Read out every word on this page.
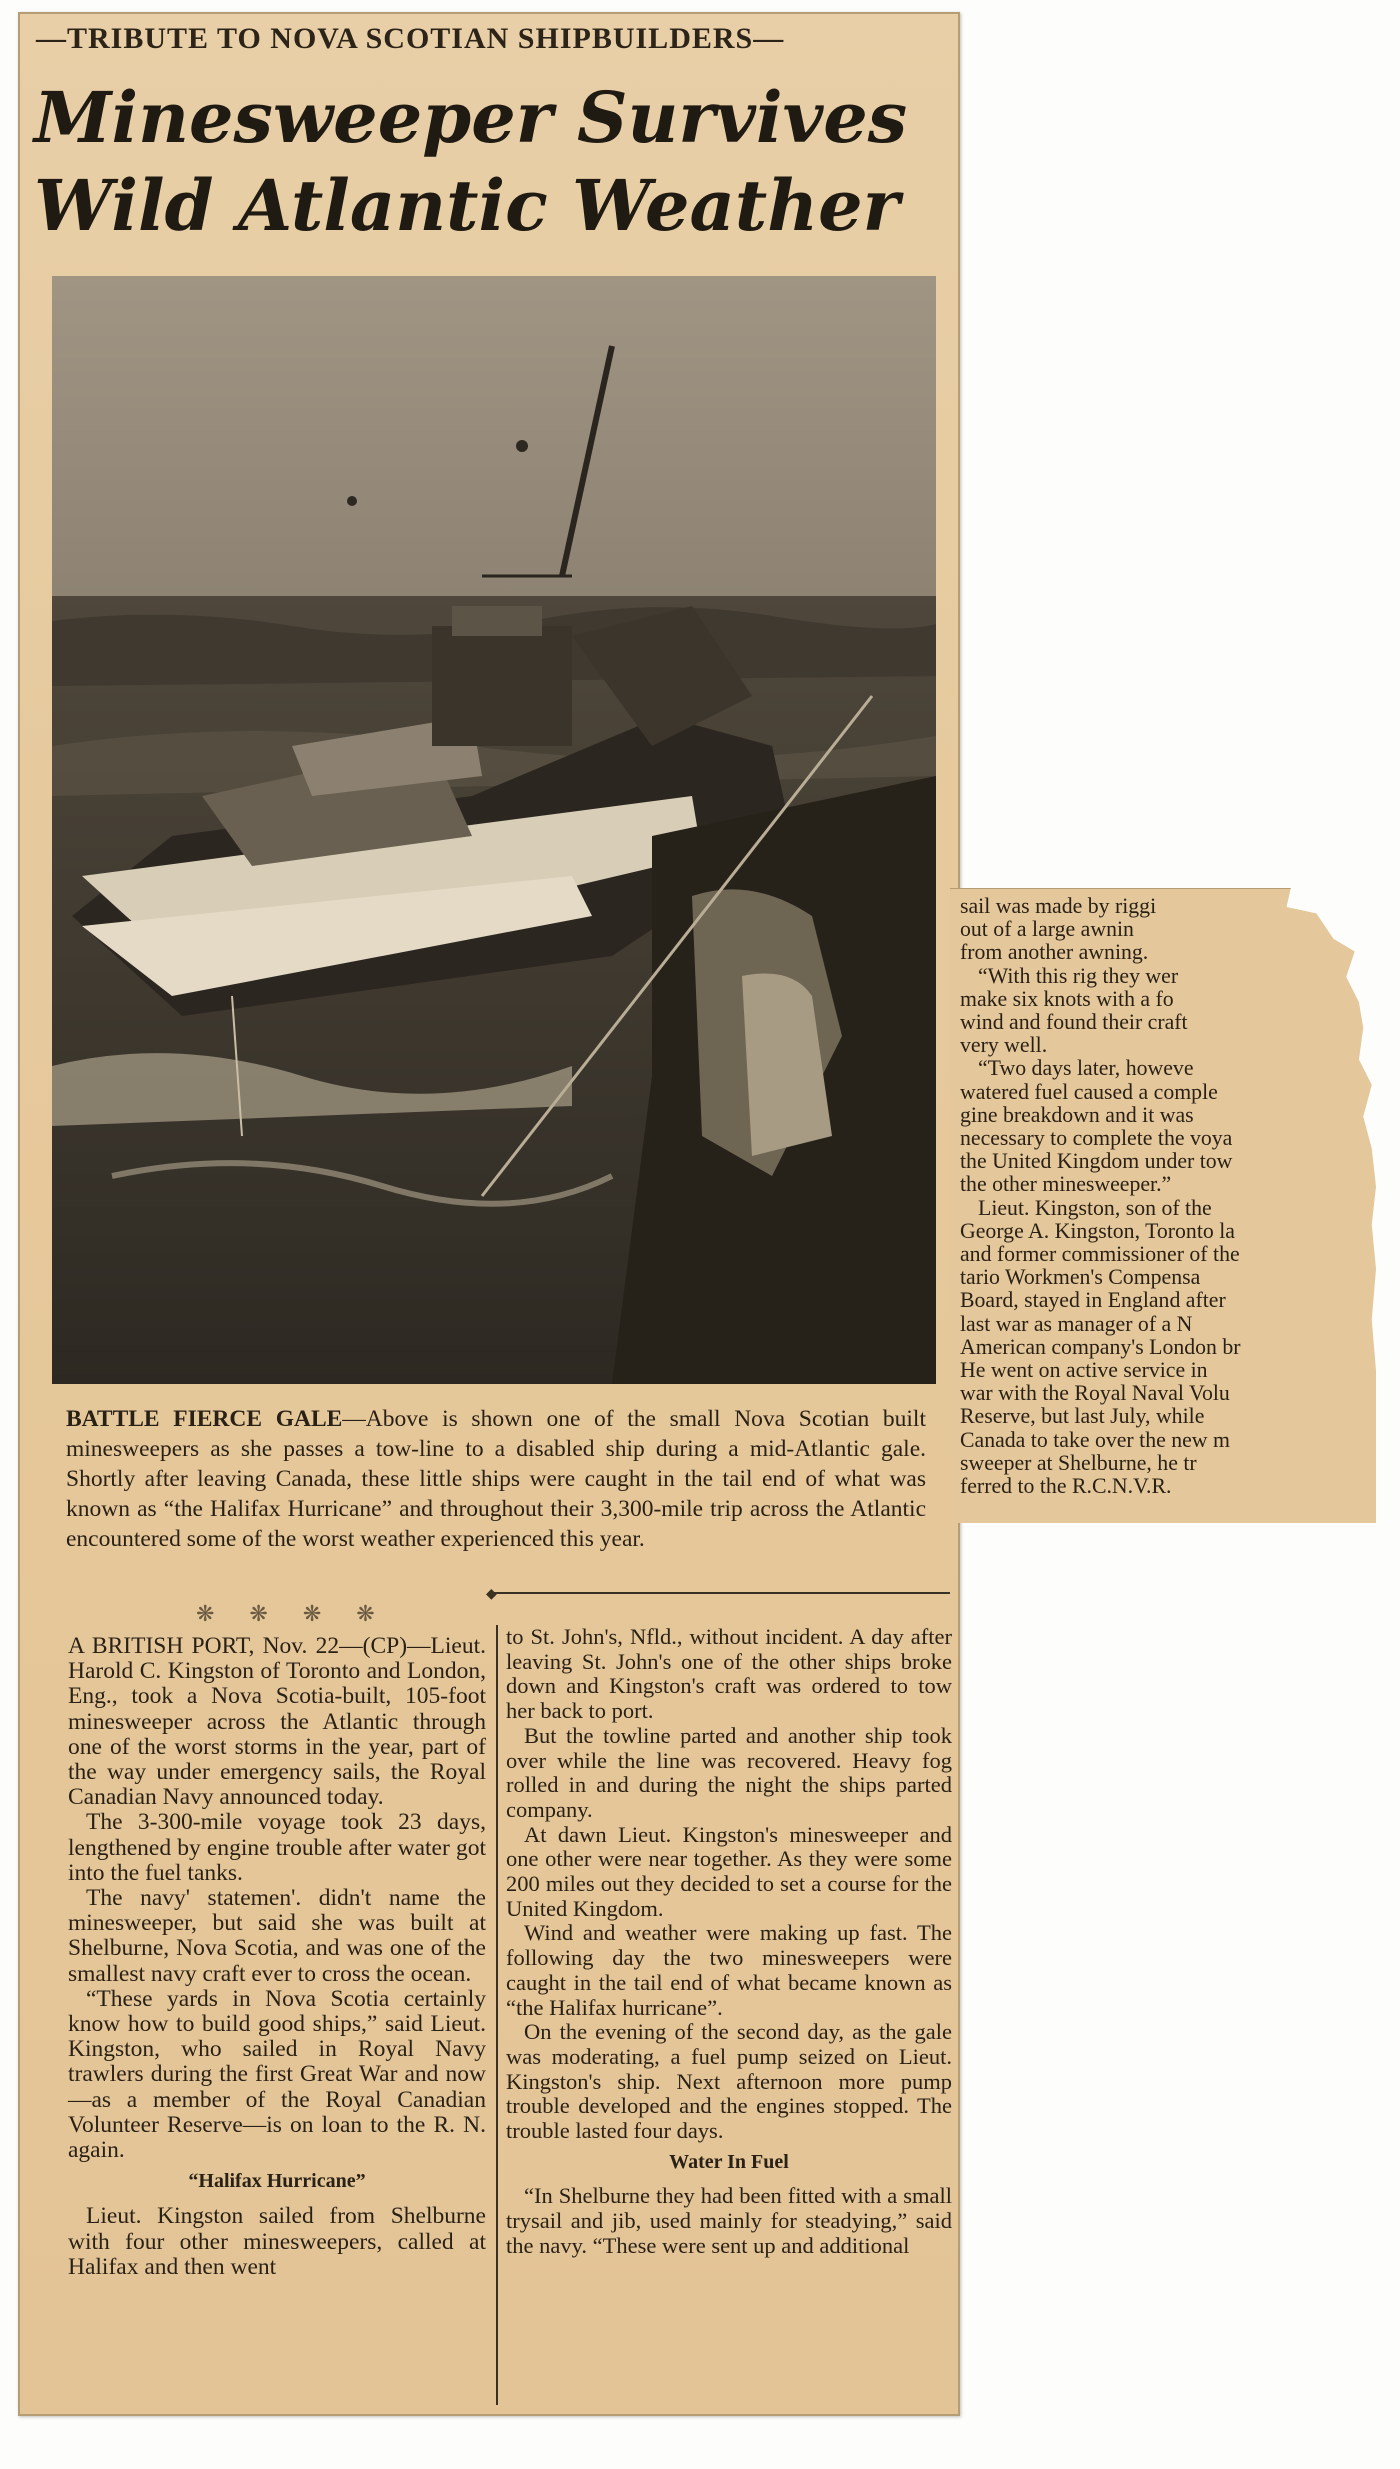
—TRIBUTE TO NOVA SCOTIAN SHIPBUILDERS—
Minesweeper Survives
Wild Atlantic Weather
BATTLE FIERCE GALE—Above is shown one of the small Nova Scotian built minesweepers as she passes a tow-line to a disabled ship during a mid-Atlantic gale. Shortly after leaving Canada, these little ships were caught in the tail end of what was known as “the Halifax Hurricane” and throughout their 3,300-mile trip across the Atlantic encountered some of the worst weather experienced this year.
❋ ❋ ❋ ❋
◆

A BRITISH PORT, Nov. 22—(CP)—Lieut. Harold C. Kingston of Toronto and London, Eng., took a Nova Scotia-built, 105-foot minesweeper across the Atlantic through one of the worst storms in the year, part of the way under emergency sails, the Royal Canadian Navy announced today.

The 3-300-mile voyage took 23 days, lengthened by engine trouble after water got into the fuel tanks.

The navy' statemen'. didn't name the minesweeper, but said she was built at Shelburne, Nova Scotia, and was one of the smallest navy craft ever to cross the ocean.

“These yards in Nova Scotia certainly know how to build good ships,” said Lieut. Kingston, who sailed in Royal Navy trawlers during the first Great War and now—as a member of the Royal Canadian Volunteer Reserve—is on loan to the R. N. again.

“Halifax Hurricane”

Lieut. Kingston sailed from Shelburne with four other minesweepers, called at Halifax and then went

to St. John's, Nfld., without incident. A day after leaving St. John's one of the other ships broke down and Kingston's craft was ordered to tow her back to port.

But the towline parted and another ship took over while the line was recovered. Heavy fog rolled in and during the night the ships parted company.

At dawn Lieut. Kingston's minesweeper and one other were near together. As they were some 200 miles out they decided to set a course for the United Kingdom.

Wind and weather were making up fast. The following day the two minesweepers were caught in the tail end of what became known as “the Halifax hurricane”.

On the evening of the second day, as the gale was moderating, a fuel pump seized on Lieut. Kingston's ship. Next afternoon more pump trouble developed and the engines stopped. The trouble lasted four days.

Water In Fuel

“In Shelburne they had been fitted with a small trysail and jib, used mainly for steadying,” said the navy. “These were sent up and additional

sail was made by riggi

out of a large awnin

from another awning.

“With this rig they wer

make six knots with a fo

wind and found their craft

very well.

“Two days later, howeve

watered fuel caused a comple

gine breakdown and it was

necessary to complete the voya

the United Kingdom under tow

the other minesweeper.”

Lieut. Kingston, son of the

George A. Kingston, Toronto la

and former commissioner of the

tario Workmen's Compensa

Board, stayed in England after

last war as manager of a N

American company's London br

He went on active service in

war with the Royal Naval Volu

Reserve, but last July, while

Canada to take over the new m

sweeper at Shelburne, he tr

ferred to the R.C.N.V.R.
